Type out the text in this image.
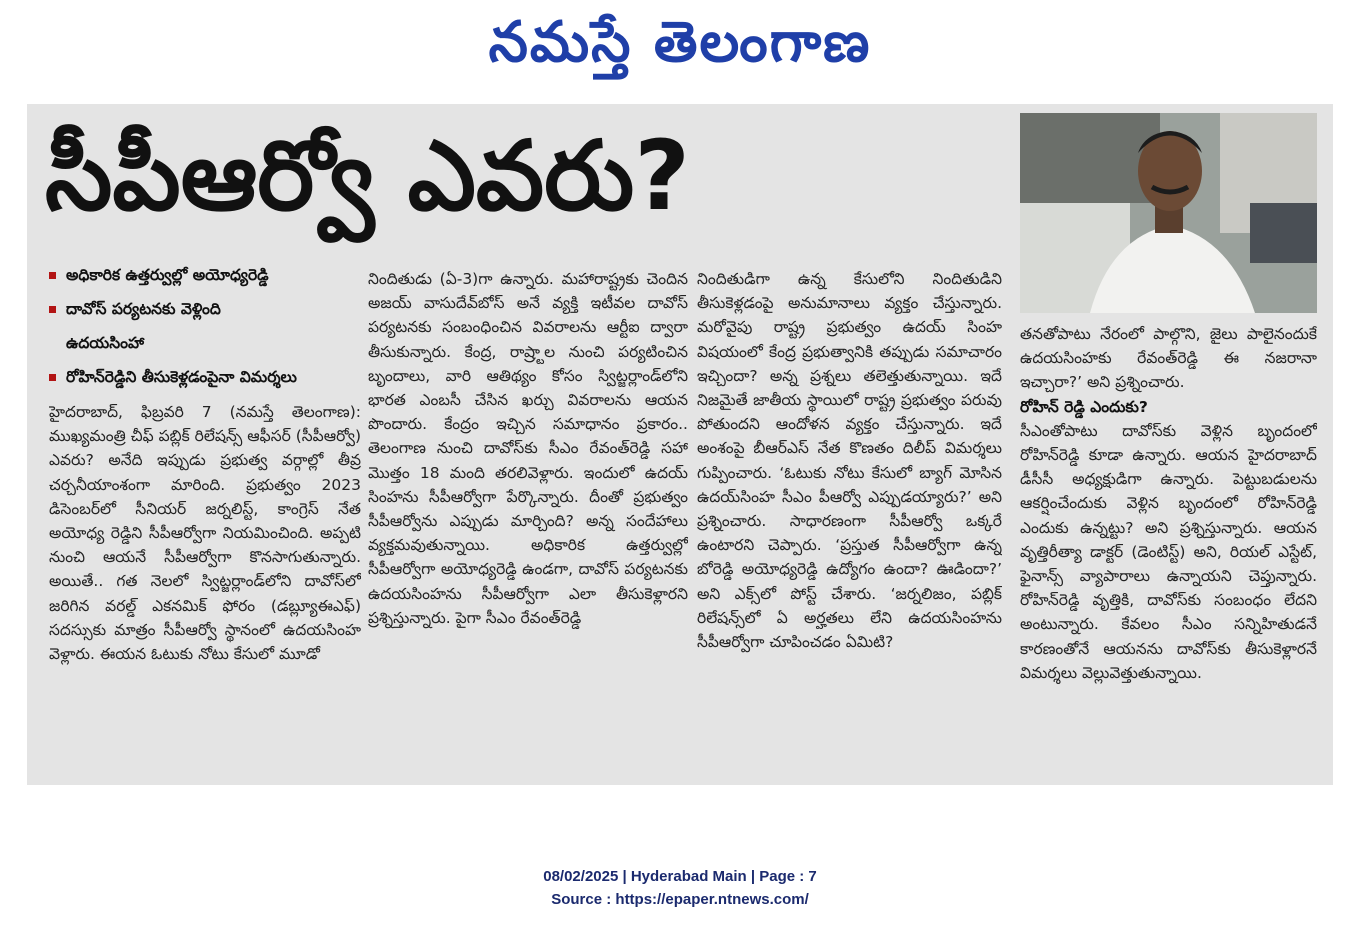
నమస్తే తెలంగాణ
సీపీఆర్వో ఎవరు?
అధికారిక ఉత్తర్వుల్లో అయోధ్యరెడ్డి
దావోస్ పర్యటనకు వెళ్లింది
ఉదయసింహా
రోహిన్‌రెడ్డిని తీసుకెళ్లడంపైనా విమర్శలు

హైదరాబాద్, ఫిబ్రవరి 7 (నమస్తే తెలంగాణ): ముఖ్యమంత్రి చీఫ్ పబ్లిక్ రిలేషన్స్ ఆఫీసర్ (సీపీఆర్వో) ఎవరు? అనేది ఇప్పుడు ప్రభుత్వ వర్గాల్లో తీవ్ర చర్చనీయాంశంగా మారింది. ప్రభుత్వం 2023 డిసెంబర్‌లో సీనియర్ జర్నలిస్ట్, కాంగ్రెస్ నేత అయోధ్య రెడ్డిని సీపీఆర్వోగా నియమించింది. అప్పటి నుంచి ఆయనే సీపీఆర్వోగా కొనసాగుతున్నారు. అయితే.. గత నెలలో స్విట్జర్లాండ్‌లోని దావోస్‌లో జరిగిన వరల్డ్ ఎకనమిక్ ఫోరం (డబ్ల్యూఈఎఫ్) సదస్సుకు మాత్రం సీపీఆర్వో స్థానంలో ఉదయసింహ వెళ్లారు. ఈయన ఓటుకు నోటు కేసులో మూడో

నిందితుడు (ఏ-3)గా ఉన్నారు. మహారాష్ట్రకు చెందిన అజయ్ వాసుదేవ్‌బోస్ అనే వ్యక్తి ఇటీవల దావోస్ పర్యటనకు సంబంధించిన వివరాలను ఆర్టీఐ ద్వారా తీసుకున్నారు. కేంద్ర, రాష్ర్టాల నుంచి పర్యటించిన బృందాలు, వారి ఆతిథ్యం కోసం స్విట్జర్లాండ్‌లోని భారత ఎంబసీ చేసిన ఖర్చు వివరాలను ఆయన పొందారు. కేంద్రం ఇచ్చిన సమాధానం ప్రకారం.. తెలంగాణ నుంచి దావోస్‌కు సీఎం రేవంత్‌రెడ్డి సహా మొత్తం 18 మంది తరలివెళ్లారు. ఇందులో ఉదయ్ సింహను సీపీఆర్వోగా పేర్కొన్నారు. దీంతో ప్రభుత్వం సీపీఆర్వోను ఎప్పుడు మార్చింది? అన్న సందేహాలు వ్యక్తమవుతున్నాయి. అధికారిక ఉత్తర్వుల్లో సీపీఆర్వోగా అయోధ్యరెడ్డి ఉండగా, దావోస్ పర్యటనకు ఉదయసింహను సీపీఆర్వోగా ఎలా తీసుకెళ్లారని ప్రశ్నిస్తున్నారు. పైగా సీఎం రేవంత్‌రెడ్డి

నిందితుడిగా ఉన్న కేసులోని నిందితుడిని తీసుకెళ్లడంపై అనుమానాలు వ్యక్తం చేస్తున్నారు. మరోవైపు రాష్ట్ర ప్రభుత్వం ఉదయ్ సింహ విషయంలో కేంద్ర ప్రభుత్వానికి తప్పుడు సమాచారం ఇచ్చిందా? అన్న ప్రశ్నలు తలెత్తుతున్నాయి. ఇదే నిజమైతే జాతీయ స్థాయిలో రాష్ట్ర ప్రభుత్వం పరువు పోతుందని ఆందోళన వ్యక్తం చేస్తున్నారు. ఇదే అంశంపై బీఆర్‌ఎస్ నేత కొణతం దిలీప్ విమర్శలు గుప్పించారు. ‘ఓటుకు నోటు కేసులో బ్యాగ్ మోసిన ఉదయ్‌సింహ సీఎం పీఆర్వో ఎప్పుడయ్యారు?’ అని ప్రశ్నించారు. సాధారణంగా సీపీఆర్వో ఒక్కరే ఉంటారని చెప్పారు. ‘ప్రస్తుత సీపీఆర్వోగా ఉన్న బోరెడ్డి అయోధ్యరెడ్డి ఉద్యోగం ఉందా? ఊడిందా?’ అని ఎక్స్‌లో పోస్ట్ చేశారు. ‘జర్నలిజం, పబ్లిక్ రిలేషన్స్‌లో ఏ అర్హతలు లేని ఉదయసింహను సీపీఆర్వోగా చూపించడం ఏమిటి?

తనతోపాటు నేరంలో పాల్గొని, జైలు పాలైనందుకే ఉదయసింహకు రేవంత్‌రెడ్డి ఈ నజరానా ఇచ్చారా?’ అని ప్రశ్నించారు.

రోహిన్ రెడ్డి ఎందుకు?

సీఎంతోపాటు దావోస్‌కు వెళ్లిన బృందంలో రోహిన్‌రెడ్డి కూడా ఉన్నారు. ఆయన హైదరాబాద్ డీసీసీ అధ్యక్షుడిగా ఉన్నారు. పెట్టుబడులను ఆకర్షించేందుకు వెళ్లిన బృందంలో రోహిన్‌రెడ్డి ఎందుకు ఉన్నట్టు? అని ప్రశ్నిస్తున్నారు. ఆయన వృత్తిరీత్యా డాక్టర్ (డెంటిస్ట్) అని, రియల్ ఎస్టేట్, ఫైనాన్స్ వ్యాపారాలు ఉన్నాయని చెప్తున్నారు. రోహిన్‌రెడ్డి వృత్తికి, దావోస్‌కు సంబంధం లేదని అంటున్నారు. కేవలం సీఎం సన్నిహితుడనే కారణంతోనే ఆయనను దావోస్‌కు తీసుకెళ్లారనే విమర్శలు వెల్లువెత్తుతున్నాయి.

08/02/2025 | Hyderabad Main | Page : 7
Source : https://epaper.ntnews.com/
